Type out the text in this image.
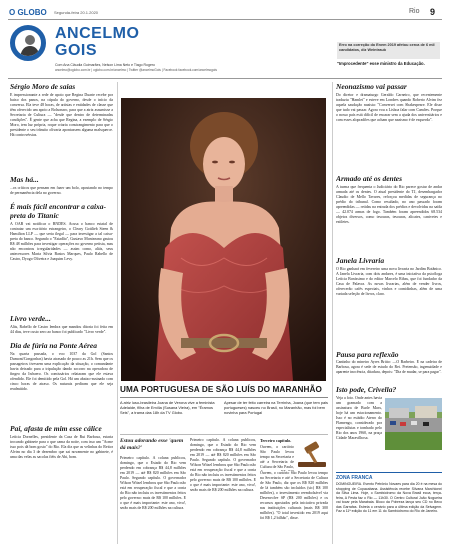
O GLOBO Segunda-feira 20.1.2020	Rio 9
ANCELMO
GOIS
Com Ana Cláudia Guimarães, Nelson Lima Neto e Tiago Rogero
ancelmo@oglobo.com.br | oglobo.com.br/ancelmo | Twitter @ancelmoGois | Facebook facebook.com/ancelmogois
Erro na correção do Enem 2019 afetou cerca de 6 mil candidatos, diz Weintraub
"Improcedente" esse ministro da Educação.
Sérgio Moro de saias
É impressionante a rede de apoio que Regina Duarte recebe por baixo dos panos, na cúpula do governo, desde o início da conversa. Ela teve 48 horas, de artistas e entidades de classe que têm oferecido um apoio a Bolsonaro, para que a atriz assumisse a Secretaria de Cultura — "desde que dentro de determinadas condições". É gente que acha que Regina, a exemplo de Sérgio Moro, tem luz própria, roque criaria constrangimento para que o presidente o seu trânsito olivaria apontassem alguma malsquerce. Há controvérsias.
Mas há...
...os críticos que pensam em fazer um bolo, apostando no tempo de permanência dela no governo.
É mais fácil encontrar a caixa-preta do Titanic
A OAB vai notificar o BNDES. Acusa o banco estatal de contratar um escritório estrangeiro, o Cleary Gottlieb Steen & Hamilton LLP — que seria ilegal — para investigar a tal caixa-preta do banco. Segundo o "Estadão", Gustavo Montezano gastou R$ 48 milhões para investigar operações no governo petista, mas não encontrou irregularidades — assim como, aliás, seus antecessores Maria Silvia Bastos Marques, Paulo Rabello de Castro, Dyogo Oliveira e Joaquim Levy.
Livro verde...
Alás, Rabello de Castro lembra que mandou ditoria foi feita em 44 dias, teve custo zero ao banco foi publicado "Livro verde".
Dia de fúria na Ponte Aérea
Na quarta passada, o voo 1037 da Gol (Santos Dumont/Congonhas) havia atrasado de pouco as 21h. Sem que os passageiros tivessem uma explicação da situação, o comandante havia deixado para a tripulação dando socorro na operadora de fingeo da Infraero. Os comissários relataram que ele estava ofendido. Ele foi demitido pela Gol. Há um abaixo-assinado com cinco horas de atraso. Os naturais pediram que ele seja readmitido.
Pai, afasta de mim esse cálice
Letícia Dornelles, presidente da Casa de Rui Barbosa, estaria trocando gabinete para o que cama da noite, com isso um "Acme isso pois dá bom gosto" do Rio. Ela diz que as velinhas do Reitor Alvim no dia 3 de dezembro que sai novamente no gabinete, é uma das velas as sacolas fiéis de Abi, bom.
UMA PORTUGUESA DE SÃO LUÍS DO MARANHÃO
A atriz luso-brasileira Joana de Verona vive a feminista Adelaide, filha de Emília (Susana Vieira), em "Éramos Seis", a trama das 18h da TV Globo.
Apesar de ter feito carreira na Terrinha, Joana (que tem pais portugueses) nasceu no Brasil, no Maranhão, mas foi bem novinha para Portugal
Estou adorando esse 'quem dá mais?'
Primeiro capítulo. A coluna publicou, domingo, que o Estado do Rio vem perdendo em cobrança R$ 44,8 milhões em 2019 — até R$ 820 milhões em São Paulo. Segundo capítulo. O governador Wilson Witzel lembrou que São Paulo não está em recuperação fiscal e que a conta do Rio não incluiu os investimentos feitos pelo governo: mais de R$ 100 milhões. E o que é mais importante: este ano, viva!, serão mais de R$ 200 milhões na cultura.
Primeiro capítulo. A coluna publicou, domingo, que o Estado do Rio vem perdendo em cobrança R$ 44,8 milhões em 2019 — até R$ 820 milhões em São Paulo. Segundo capítulo. O governador Wilson Witzel lembrou que São Paulo não está em recuperação fiscal e que a conta do Rio não incluiu os investimentos feitos pelo governo: mais de R$ 100 milhões. E o que é mais importante: este ano, viva!, serão mais de R$ 200 milhões na cultura.
Terceiro capítulo.
Ouvem, o cartório São Paulo levou tempo na Secretaria e até a Secretaria de Cultura de São Paulo,
Ouvem, o cartório São Paulo levou tempo na Secretaria e até a Secretaria de Cultura de São Paulo, diz que os R$ 820 milhões de lá também são incluídos (sic) R$ 100 milhões), o investimento reembolsável via Desenvolve SP (R$ 200 milhões) e os recursos apostados pela iniciativa privada nas instituições culturais (mais R$ 300 milhões). "O total investido em 2019 aqui foi R$ 1,2 bilhão", disse.
Neonazismo vai passar
Do diretor e dramaturgo Geraldo Carneiro, que recentemente traduziu "Hamlet" e esteve em Londres quando Roberto Alvim fez aquela saudação nazista: "Conversei com Shakespeare. Ele disse que tudo vai passar. Agora vou a Lisboa falar com Camões. Porque o nosso país está difícil de encarar sem a ajuda dos universitários e com esses alopradões que acham que nazismo é de esquerda".
Armado até os dentes
A turma que frequenta o Judiciário do Rio parece gostar de andar armada até os dentes. O atual presidente do TJ, desembargador Claudio de Mello Tavares, reforçou medidas de segurança no prédio do tribunal. Como resultado, no ano passado foram apreendidas — retidas na entrada dos prédios e devolvidas na saída — 42.074 armas de fogo. Também foram apreendidos 68.534 objetos diversos, como tesouras, tesouras, alicates, canivetes e estiletes.
Janela Livraria
O Rio ganhará em fevereiro uma nova livraria no Jardim Botânico. A Janela Livraria, com dois andares, é uma iniciativa da psicóloga Letícia Boníssimo e do editor Marcelo Ribas, que foi fundador da Casa de Palavra. As novas livrarias, além de vender livros, oferecerão cafés especiais, vinhos e comidinhas, além de uma variada seleção de livros, claro.
Pausa para reflexão
Cantinho do mineiro Ayres Britto: —O Barbeiro. E na cadeira de Barbosa, agora é sede de estudo do Rei. Pretensão, ingenuidade e aparente inocência, ditadura, depois: "Dia de mudar, se para pagar".
Isto pode, Crivella?
Veja a foto. Onde antes havia um gramado com a assinatura de Burle Marx, hoje há um estacionamento. Isso é no estádio Aterro do Flamengo, considerado por especialistas e tombado pelo Rio dos anos 1960, na praça Cidade Maravilhosa.
ZONA FRANCA
DOMINGUEIRA. Evento Petrônio Novaes para dia 20 é na mesa do shopping de Copacabana. Assistência recebe Silvana Marchionni da Silva Lima. Hoje, o Sambódromo da Nova Brasil ecoa, terça-feira, A Festa faz o Rio — 11h30. O Centro Cultural João Nogueira vai tocar pela Marabaia. Bloco da Pobreza lança seu CD no Beco das Garrafas. Estreia o cenário para a última edição da Selvagem. Faz a 11ª edição do 11 em 11 do Sambódromo do Rio de Janeiro.
